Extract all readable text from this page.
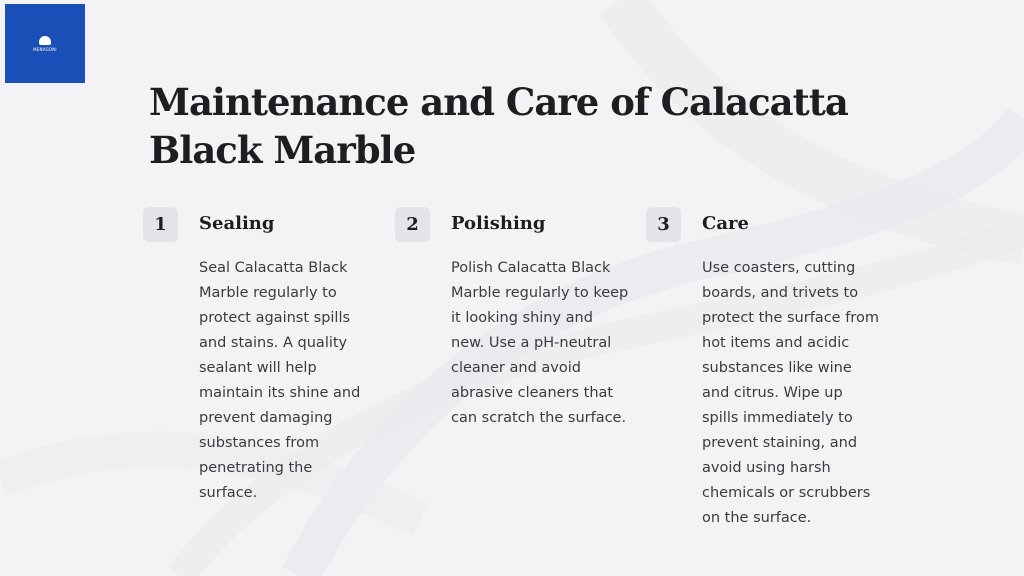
MENAGONI
Maintenance and Care of Calacatta Black Marble
1	Sealing

Seal Calacatta Black Marble regularly to protect against spills and stains. A quality sealant will help maintain its shine and prevent damaging substances from penetrating the surface.

2	Polishing

Polish Calacatta Black Marble regularly to keep it looking shiny and new. Use a pH-neutral cleaner and avoid abrasive cleaners that can scratch the surface.

3	Care

Use coasters, cutting boards, and trivets to protect the surface from hot items and acidic substances like wine and citrus. Wipe up spills immediately to prevent staining, and avoid using harsh chemicals or scrubbers on the surface.
